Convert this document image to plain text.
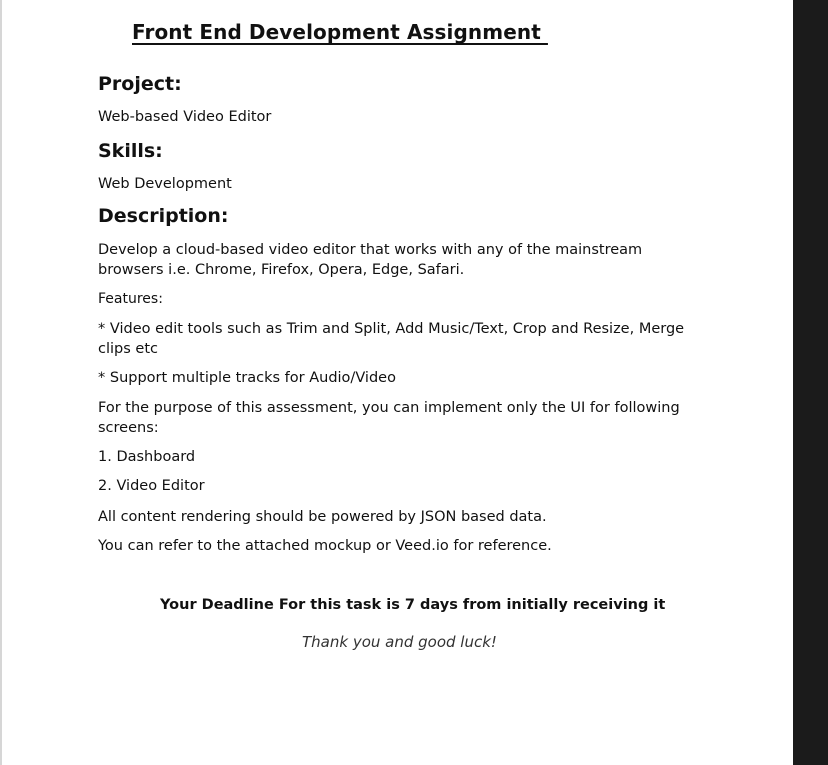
Front End Development Assignment
Project:
Web-based Video Editor
Skills:
Web Development
Description:
Develop a cloud-based video editor that works with any of the mainstream browsers i.e. Chrome, Firefox, Opera, Edge, Safari.
Features:
* Video edit tools such as Trim and Split, Add Music/Text, Crop and Resize, Merge clips etc
* Support multiple tracks for Audio/Video
For the purpose of this assessment, you can implement only the UI for following screens:
1. Dashboard
2. Video Editor
All content rendering should be powered by JSON based data.
You can refer to the attached mockup or Veed.io for reference.
Your Deadline For this task is 7 days from initially receiving it
Thank you and good luck!
